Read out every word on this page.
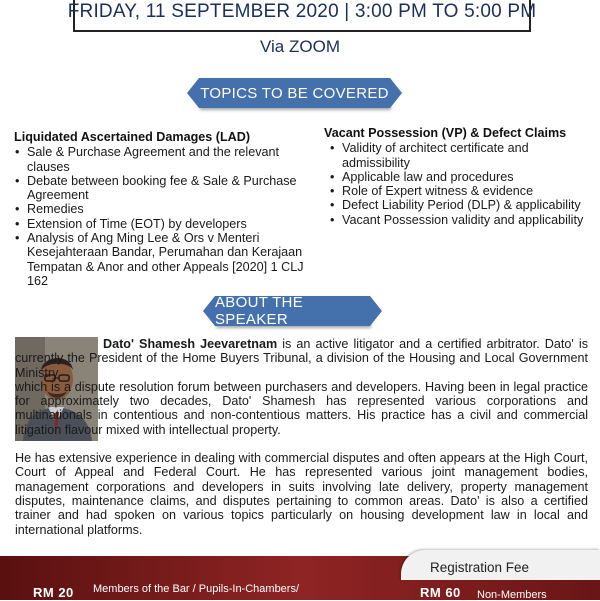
FRIDAY, 11 SEPTEMBER 2020 | 3:00 PM TO 5:00 PM
Via ZOOM
TOPICS TO BE COVERED
Liquidated Ascertained Damages (LAD)
• Sale & Purchase Agreement and the relevant clauses
• Debate between booking fee & Sale & Purchase Agreement
• Remedies
• Extension of Time (EOT) by developers
• Analysis of Ang Ming Lee & Ors v Menteri Kesejahteraan Bandar, Perumahan dan Kerajaan Tempatan & Anor and other Appeals [2020] 1 CLJ 162
Vacant Possession (VP) & Defect Claims
• Validity of architect certificate and admissibility
• Applicable law and procedures
• Role of Expert witness & evidence
• Defect Liability Period (DLP) & applicability
• Vacant Possession validity and applicability
ABOUT THE SPEAKER

Dato' Shamesh Jeevaretnam is an active litigator and a certified arbitrator. Dato' is currently the President of the Home Buyers Tribunal, a division of the Housing and Local Government Ministry

which is a dispute resolution forum between purchasers and developers. Having been in legal practice for approximately two decades, Dato' Shamesh has represented various corporations and multinationals in contentious and non-contentious matters. His practice has a civil and commercial litigation flavour mixed with intellectual property.

He has extensive experience in dealing with commercial disputes and often appears at the High Court, Court of Appeal and Federal Court. He has represented various joint management bodies, management corporations and developers in suits involving late delivery, property management disputes, maintenance claims, and disputes pertaining to common areas. Dato' is also a certified trainer and had spoken on various topics particularly on housing development law in local and international platforms.

Registration Fee
RM 20 Members of the Bar / Pupils-In-Chambers/	RM 60 Non-Members
